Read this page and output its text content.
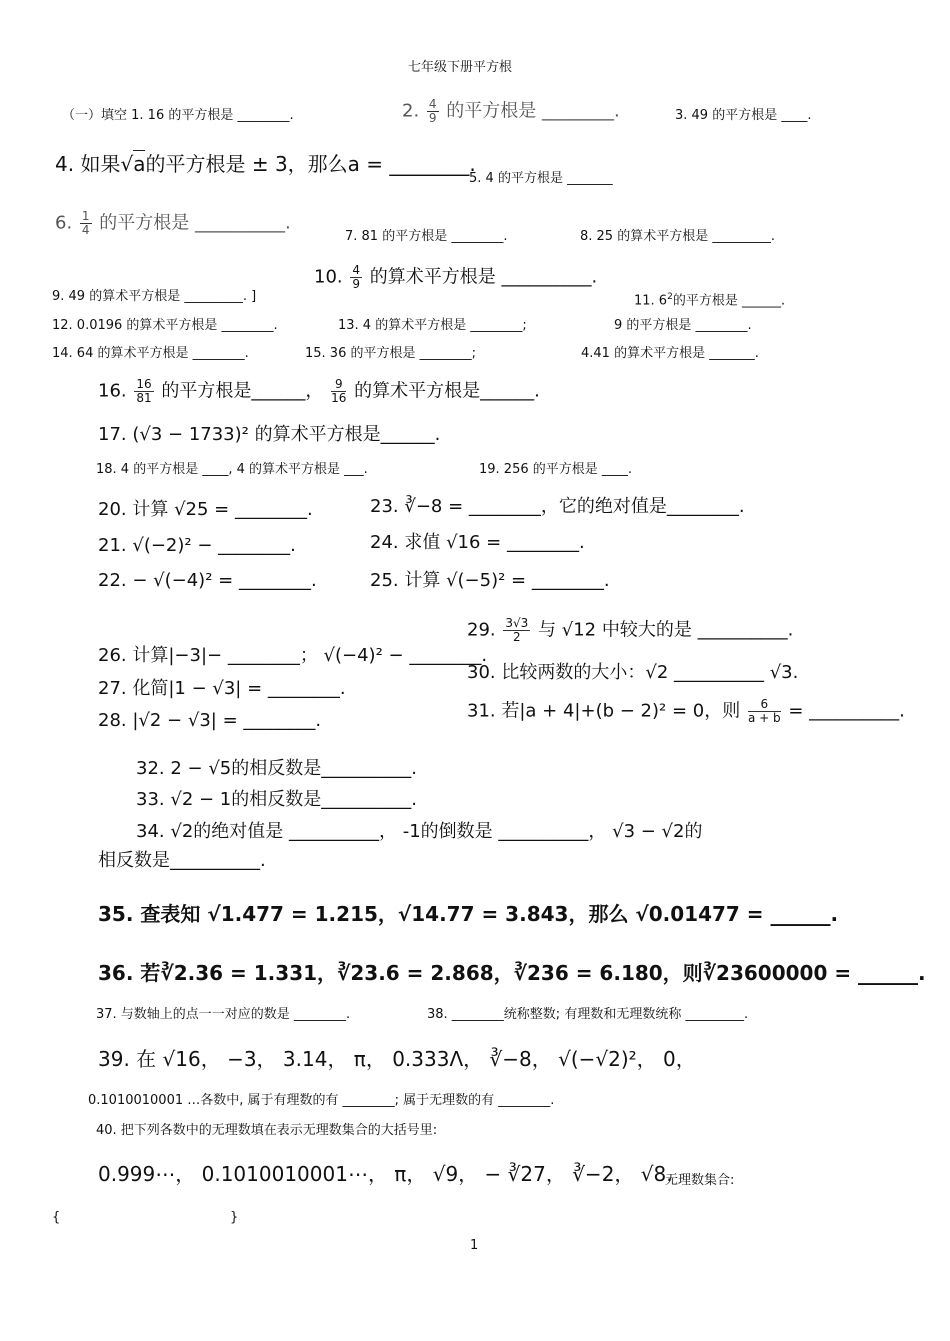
七年级下册平方根
（一）填空 1. 16 的平方根是 ________.	2. $\frac{4}{9}$ 的平方根是 ________.	3. 49 的平方根是 ____.
4. 如果√a的平方根是 ± 3，那么a = ________.
5. 4 的平方根是 _______
6. $\frac{1}{4}$ 的平方根是 __________.
7. 81 的平方根是 ________.	8. 25 的算术平方根是 _________.
9. 49 的算术平方根是 _________. ]
10. $\frac{4}{9}$ 的算术平方根是 __________.
11. $6^2$的平方根是 ______.
12. 0.0196 的算术平方根是 ________.	13. 4 的算术平方根是 ________;	9 的平方根是 ________.
14. 64 的算术平方根是 ________.	15. 36 的平方根是 ________;	4.41 的算术平方根是 _______.
16. $\frac{16}{81}$ 的平方根是______， $\frac{9}{16}$ 的算术平方根是______.
17. (√3 − 1733)² 的算术平方根是______.
18. 4 的平方根是 ____, 4 的算术平方根是 ___.	19. 256 的平方根是 ____.
20. 计算 √25 = ________.
21. √(−2)² − ________.
22. − √(−4)² = ________.
23. ∛−8 = ________，它的绝对值是________.
24. 求值 √16 = ________.
25. 计算 √(−5)² = ________.
26. 计算|−3|− ________； √(−4)² − ________.
27. 化简|1 − √3| = ________.
28. |√2 − √3| = ________.
29. $\frac{3√3}{2}$ 与 √12 中较大的是 __________.
30. 比较两数的大小：√2 __________ √3.
31. 若|a + 4|+(b − 2)² = 0，则 $\frac{6}{a + b}$ = __________.
32. 2 − √5的相反数是__________.
33. √2 − 1的相反数是__________.
34. √2的绝对值是 __________， -1的倒数是 __________， √3 − √2的
相反数是__________.
35. 查表知 √1.477 = 1.215，√14.77 = 3.843，那么 √0.01477 = ______.
36. 若∛2.36 = 1.331，∛23.6 = 2.868，∛236 = 6.180，则∛23600000 = ______.
37. 与数轴上的点一一对应的数是 ________.	38. ________统称整数; 有理数和无理数统称 _________.
39. 在 √16， −3， 3.14， π， 0.333Λ， ∛−8， √(−√2)²， 0，
0.1010010001 …各数中, 属于有理数的有 ________; 属于无理数的有 ________.
40. 把下列各数中的无理数填在表示无理数集合的大括号里:
0.999⋯， 0.1010010001⋯， π， √9， − ∛27， ∛−2， √8.
无理数集合:
{	}
1
